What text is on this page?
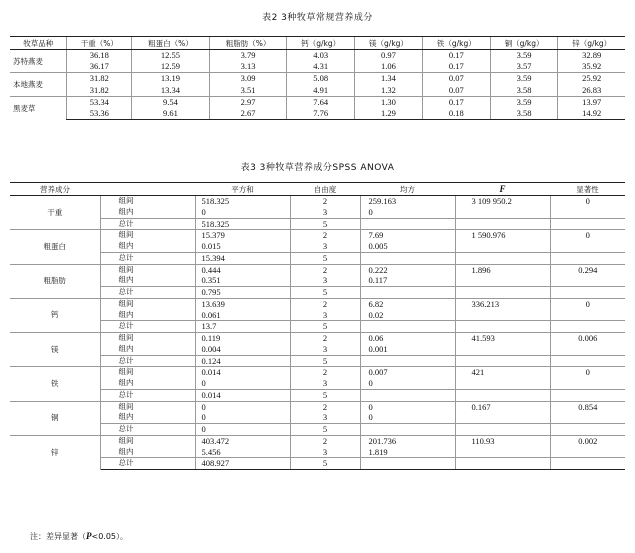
表2 3种牧草常规营养成分
牧草品种	干重（%）	粗蛋白（%）	粗脂肪（%）	钙（g/kg）	镁（g/kg）	铁（g/kg）	铜（g/kg）	锌（g/kg）
苏特燕麦	36.18	12.55	3.79	4.03	0.97	0.17	3.59	32.89
	36.17	12.59	3.13	4.31	1.06	0.17	3.57	35.92
本地燕麦	31.82	13.19	3.09	5.08	1.34	0.07	3.59	25.92
	31.82	13.34	3.51	4.91	1.32	0.07	3.58	26.83
黑麦草	53.34	9.54	2.97	7.64	1.30	0.17	3.59	13.97
	53.36	9.61	2.67	7.76	1.29	0.18	3.58	14.92
表3 3种牧草营养成分SPSS ANOVA
营养成分		平方和	自由度	均方	F	显著性
干重	组间	518.325	2	259.163	3 109 950.2	0
	组内	0	3	0		
	总计	518.325	5			
粗蛋白	组间	15.379	2	7.69	1 590.976	0
	组内	0.015	3	0.005		
	总计	15.394	5			
粗脂肪	组间	0.444	2	0.222	1.896	0.294
	组内	0.351	3	0.117		
	总计	0.795	5			
钙	组间	13.639	2	6.82	336.213	0
	组内	0.061	3	0.02		
	总计	13.7	5			
镁	组间	0.119	2	0.06	41.593	0.006
	组内	0.004	3	0.001		
	总计	0.124	5			
铁	组间	0.014	2	0.007	421	0
	组内	0	3	0		
	总计	0.014	5			
铜	组间	0	2	0	0.167	0.854
	组内	0	3	0		
	总计	0	5			
锌	组间	403.472	2	201.736	110.93	0.002
	组内	5.456	3	1.819		
	总计	408.927	5			
注：差异显著（P<0.05）。
